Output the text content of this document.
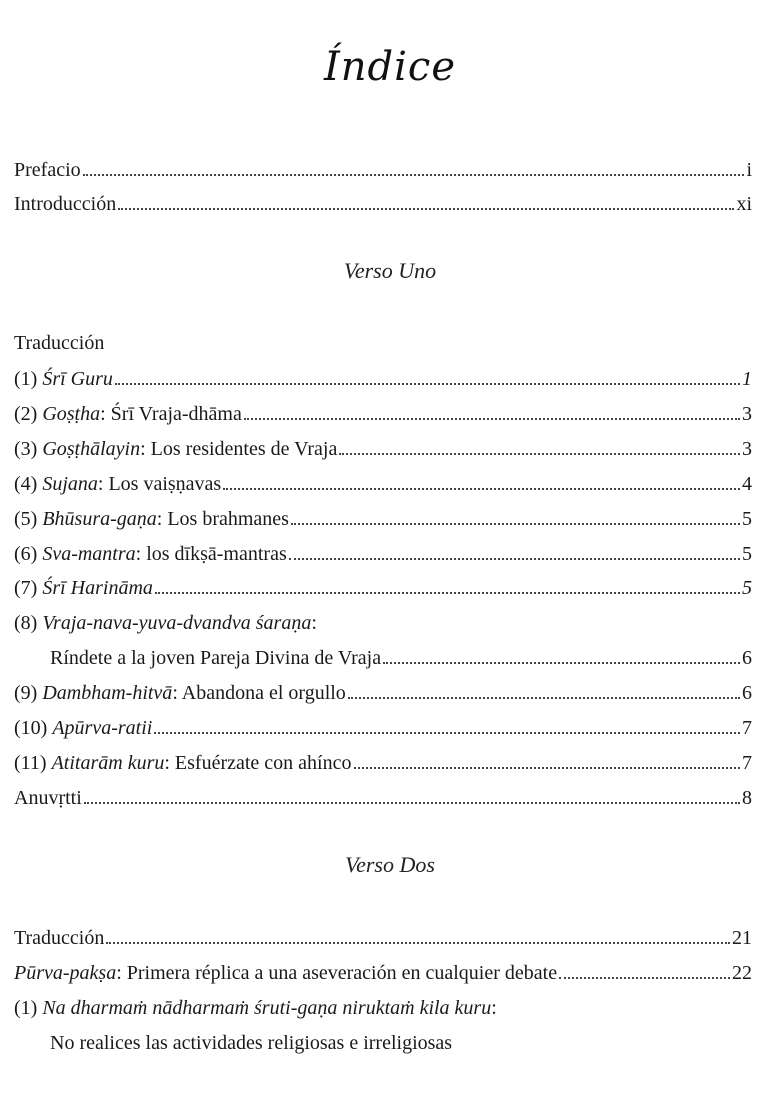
Índice
Prefacio	i
Introducción	xi
Verso Uno
Traducción
(1) Śrī Guru	1
(2) Goṣṭha: Śrī Vraja-dhāma	3
(3) Goṣṭhālayin: Los residentes de Vraja	3
(4) Sujana: Los vaiṣṇavas	4
(5) Bhūsura-gaṇa: Los brahmanes	5
(6) Sva-mantra: los dīkṣā-mantras	5
(7) Śrī Harināma	5
(8) Vraja-nava-yuva-dvandva śaraṇa:
Ríndete a la joven Pareja Divina de Vraja	6
(9) Dambham-hitvā: Abandona el orgullo	6
(10) Apūrva-ratii	7
(11) Atitarām kuru: Esfuérzate con ahínco	7
Anuvṛtti	8
Verso Dos
Traducción	21
Pūrva-pakṣa: Primera réplica a una aseveración en cualquier debate	22
(1) Na dharmaṁ nādharmaṁ śruti-gaṇa niruktaṁ kila kuru:
No realices las actividades religiosas e irreligiosas
